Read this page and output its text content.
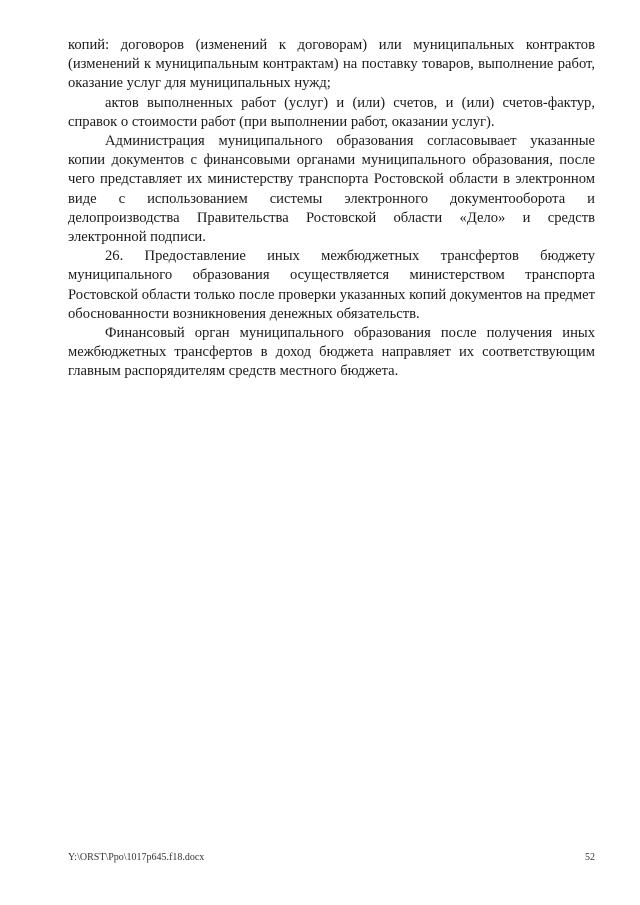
копий: договоров (изменений к договорам) или муниципальных контрактов (изменений к муниципальным контрактам) на поставку товаров, выполнение работ, оказание услуг для муниципальных нужд;

актов выполненных работ (услуг) и (или) счетов, и (или) счетов-фактур, справок о стоимости работ (при выполнении работ, оказании услуг).

Администрация муниципального образования согласовывает указанные копии документов с финансовыми органами муниципального образования, после чего представляет их министерству транспорта Ростовской области в электронном виде с использованием системы электронного документооборота и делопроизводства Правительства Ростовской области «Дело» и средств электронной подписи.

26. Предоставление иных межбюджетных трансфертов бюджету муниципального образования осуществляется министерством транспорта Ростовской области только после проверки указанных копий документов на предмет обоснованности возникновения денежных обязательств.

Финансовый орган муниципального образования после получения иных межбюджетных трансфертов в доход бюджета направляет их соответствующим главным распорядителям средств местного бюджета.

Y:\ORST\Ppo\1017p645.f18.docx	52
